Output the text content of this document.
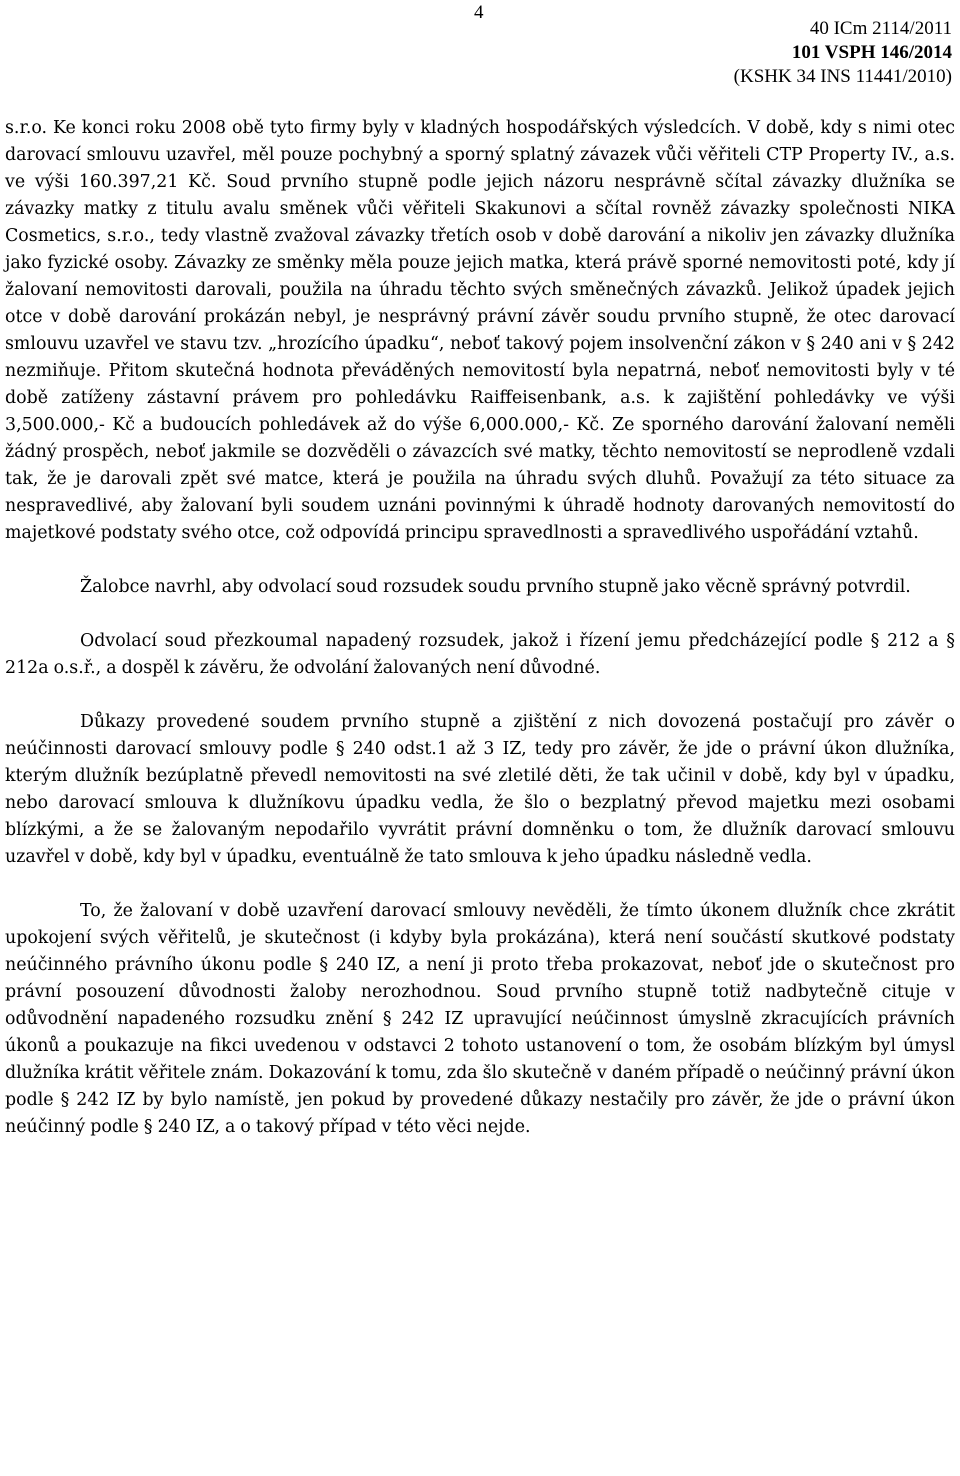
4
40 ICm 2114/2011
101 VSPH 146/2014
(KSHK 34 INS 11441/2010)

s.r.o. Ke konci roku 2008 obě tyto firmy byly v kladných hospodářských výsledcích. V době, kdy s nimi otec darovací smlouvu uzavřel, měl pouze pochybný a sporný splatný závazek vůči věřiteli CTP Property IV., a.s. ve výši 160.397,21 Kč. Soud prvního stupně podle jejich názoru nesprávně sčítal závazky dlužníka se závazky matky z titulu avalu směnek vůči věřiteli Skakunovi a sčítal rovněž závazky společnosti NIKA Cosmetics, s.r.o., tedy vlastně zvažoval závazky třetích osob v době darování a nikoliv jen závazky dlužníka jako fyzické osoby. Závazky ze směnky měla pouze jejich matka, která právě sporné nemovitosti poté, kdy jí žalovaní nemovitosti darovali, použila na úhradu těchto svých směnečných závazků. Jelikož úpadek jejich otce v době darování prokázán nebyl, je nesprávný právní závěr soudu prvního stupně, že otec darovací smlouvu uzavřel ve stavu tzv. „hrozícího úpadku“, neboť takový pojem insolvenční zákon v § 240 ani v § 242 nezmiňuje. Přitom skutečná hodnota převáděných nemovitostí byla nepatrná, neboť nemovitosti byly v té době zatíženy zástavní právem pro pohledávku Raiffeisenbank, a.s. k zajištění pohledávky ve výši 3,500.000,- Kč a budoucích pohledávek až do výše 6,000.000,- Kč. Ze sporného darování žalovaní neměli žádný prospěch, neboť jakmile se dozvěděli o závazcích své matky, těchto nemovitostí se neprodleně vzdali tak, že je darovali zpět své matce, která je použila na úhradu svých dluhů. Považují za této situace za nespravedlivé, aby žalovaní byli soudem uznáni povinnými k úhradě hodnoty darovaných nemovitostí do majetkové podstaty svého otce, což odpovídá principu spravedlnosti a spravedlivého uspořádání vztahů.

Žalobce navrhl, aby odvolací soud rozsudek soudu prvního stupně jako věcně správný potvrdil.

Odvolací soud přezkoumal napadený rozsudek, jakož i řízení jemu předcházející podle § 212 a § 212a o.s.ř., a dospěl k závěru, že odvolání žalovaných není důvodné.

Důkazy provedené soudem prvního stupně a zjištění z nich dovozená postačují pro závěr o neúčinnosti darovací smlouvy podle § 240 odst.1 až 3 IZ, tedy pro závěr, že jde o právní úkon dlužníka, kterým dlužník bezúplatně převedl nemovitosti na své zletilé děti, že tak učinil v době, kdy byl v úpadku, nebo darovací smlouva k dlužníkovu úpadku vedla, že šlo o bezplatný převod majetku mezi osobami blízkými, a že se žalovaným nepodařilo vyvrátit právní domněnku o tom, že dlužník darovací smlouvu uzavřel v době, kdy byl v úpadku, eventuálně že tato smlouva k jeho úpadku následně vedla.

To, že žalovaní v době uzavření darovací smlouvy nevěděli, že tímto úkonem dlužník chce zkrátit upokojení svých věřitelů, je skutečnost (i kdyby byla prokázána), která není součástí skutkové podstaty neúčinného právního úkonu podle § 240 IZ, a není ji proto třeba prokazovat, neboť jde o skutečnost pro právní posouzení důvodnosti žaloby nerozhodnou. Soud prvního stupně totiž nadbytečně cituje v odůvodnění napadeného rozsudku znění § 242 IZ upravující neúčinnost úmyslně zkracujících právních úkonů a poukazuje na fikci uvedenou v odstavci 2 tohoto ustanovení o tom, že osobám blízkým byl úmysl dlužníka krátit věřitele znám. Dokazování k tomu, zda šlo skutečně v daném případě o neúčinný právní úkon podle § 242 IZ by bylo namístě, jen pokud by provedené důkazy nestačily pro závěr, že jde o právní úkon neúčinný podle § 240 IZ, a o takový případ v této věci nejde.
